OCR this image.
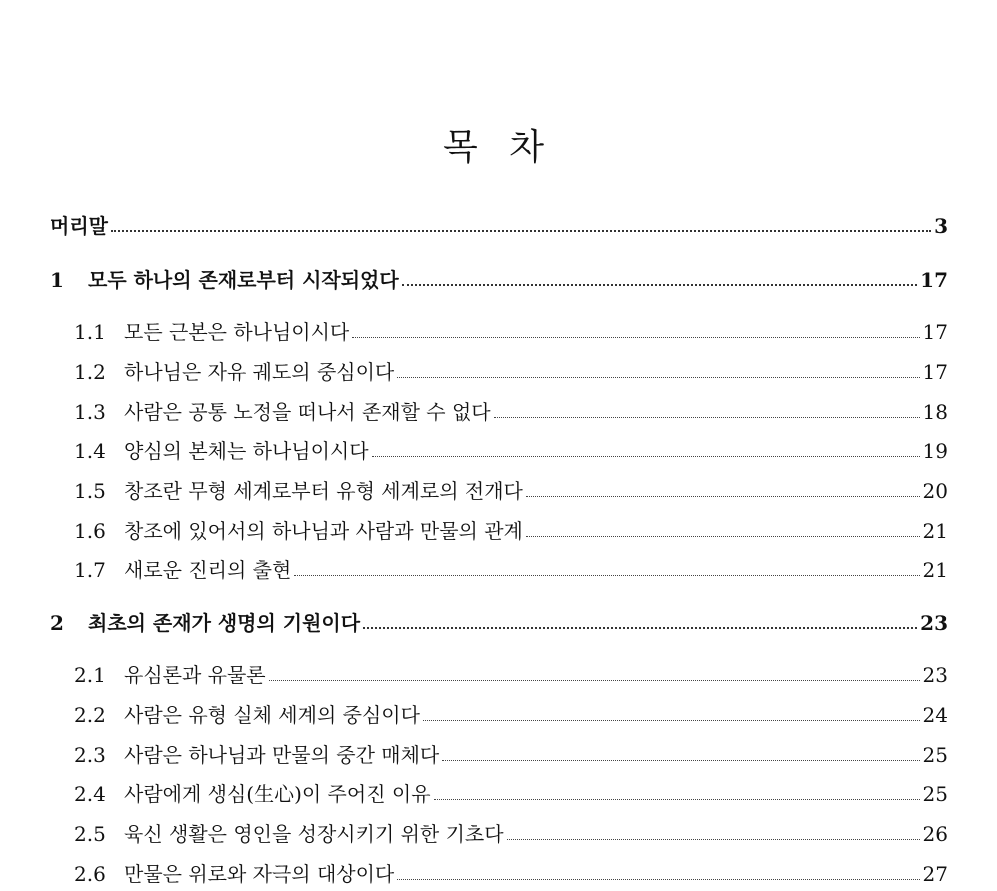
목 차
머리말	3
1	모두 하나의 존재로부터 시작되었다	17
1.1 모든 근본은 하나님이시다	17
1.2 하나님은 자유 궤도의 중심이다	17
1.3 사람은 공통 노정을 떠나서 존재할 수 없다	18
1.4 양심의 본체는 하나님이시다	19
1.5 창조란 무형 세계로부터 유형 세계로의 전개다	20
1.6 창조에 있어서의 하나님과 사람과 만물의 관계	21
1.7 새로운 진리의 출현	21
2	최초의 존재가 생명의 기원이다	23
2.1 유심론과 유물론	23
2.2 사람은 유형 실체 세계의 중심이다	24
2.3 사람은 하나님과 만물의 중간 매체다	25
2.4 사람에게 생심(生心)이 주어진 이유	25
2.5 육신 생활은 영인을 성장시키기 위한 기초다	26
2.6 만물은 위로와 자극의 대상이다	27
